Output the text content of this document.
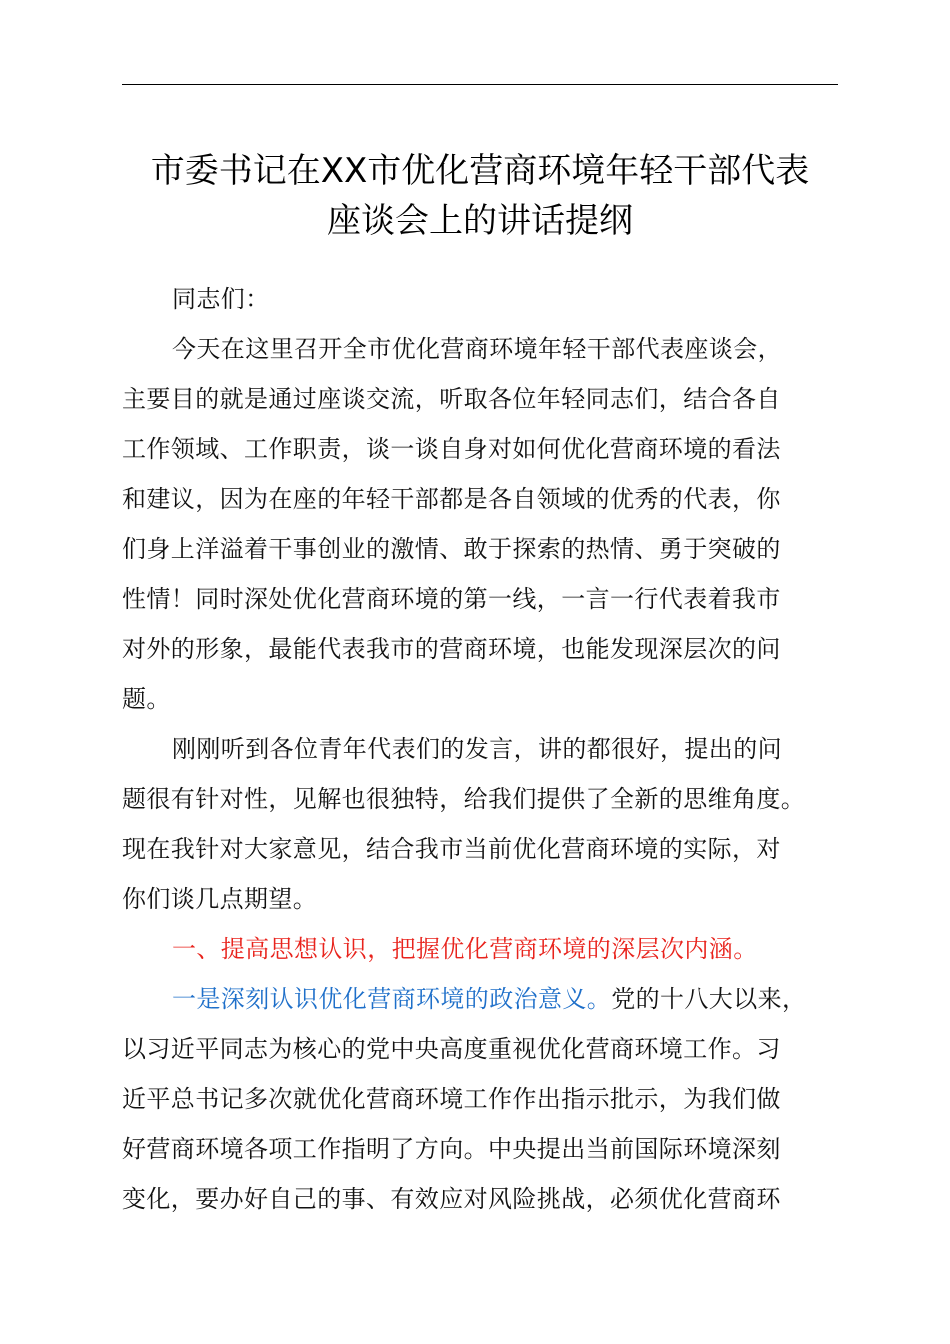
市委书记在XX市优化营商环境年轻干部代表
座谈会上的讲话提纲
同志们：
今天在这里召开全市优化营商环境年轻干部代表座谈会，
主要目的就是通过座谈交流，听取各位年轻同志们，结合各自
工作领域、工作职责，谈一谈自身对如何优化营商环境的看法
和建议，因为在座的年轻干部都是各自领域的优秀的代表，你
们身上洋溢着干事创业的激情、敢于探索的热情、勇于突破的
性情！同时深处优化营商环境的第一线，一言一行代表着我市
对外的形象，最能代表我市的营商环境，也能发现深层次的问
题。
刚刚听到各位青年代表们的发言，讲的都很好，提出的问
题很有针对性，见解也很独特，给我们提供了全新的思维角度。
现在我针对大家意见，结合我市当前优化营商环境的实际，对
你们谈几点期望。
一、提高思想认识，把握优化营商环境的深层次内涵。
一是深刻认识优化营商环境的政治意义。党的十八大以来，
以习近平同志为核心的党中央高度重视优化营商环境工作。习
近平总书记多次就优化营商环境工作作出指示批示，为我们做
好营商环境各项工作指明了方向。中央提出当前国际环境深刻
变化，要办好自己的事、有效应对风险挑战，必须优化营商环
